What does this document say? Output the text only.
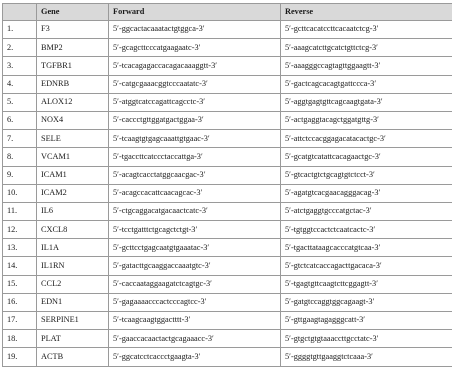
	Gene	Forward	Reverse
1.	F3	5′-ggcactacaaatactgtggca-3′	5′-gcttcacatccttcacaatctcg-3′
2.	BMP2	5′-gcagcttcccatgaagaatc-3′	5′-aaagcatcttgcatctgttctcg-3′
3.	TGFBR1	5′-tcacagagaccacagacaaaggtt-3′	5′-aaagggccagtagttggaagtt-3′
4.	EDNRB	5′-catgcgaaacggtcccaatatc-3′	5′-gactcagcacagtgattccca-3′
5.	ALOX12	5′-atggtcatccagattcagcctc-3′	5′-aggtgagtgttcagcaagtgata-3′
6.	NOX4	5′-caccctgttggatgactggaa-3′	5′-actgaggtacagctggatgttg-3′
7.	SELE	5′-tcaagtgtgagcaaattgtgaac-3′	5′-attctccacggagacatacactgc-3′
8.	VCAM1	5′-tgaccttcatccctaccattga-3′	5′-gcatgtcatattcacagaactgc-3′
9.	ICAM1	5′-acagtcacctatggcaacgac-3′	5′-gtcactgtctgcagtgtctcct-3′
10.	ICAM2	5′-acagccacattcaacagcac-3′	5′-agatgtcacgaacagggacag-3′
11.	IL6	5′-ctgcaggacatgacaactcatc-3′	5′-atctgaggtgcccatgctac-3′
12.	CXCL8	5′-tcctgatttctgcagctctgt-3′	5′-tgtggtccactctcaatcactc-3′
13.	IL1A	5′-gcttcctgagcaatgtgaaatac-3′	5′-tgacttataagcacccatgtcaa-3′
14.	IL1RN	5′-gatacttgcaaggaccaaatgtc-3′	5′-gtctcatcaccagacttgacaca-3′
15.	CCL2	5′-caccaataggaagatctcagtgc-3′	5′-tgagtgttcaagtcttcggagtt-3′
16.	EDN1	5′-gagaaaacccactcccagtcc-3′	5′-gatgtccaggtggcagaagt-3′
17.	SERPINE1	5′-tcaagcaagtggactttt-3′	5′-gttgaagtagagggcatt-3′
18.	PLAT	5′-gaaccacaactactgcagaaacc-3′	5′-gtgctgtgtaaaccttgcctatc-3′
19.	ACTB	5′-ggcatcctcaccctgaagta-3′	5′-ggggtgttgaaggtctcaaa-3′
